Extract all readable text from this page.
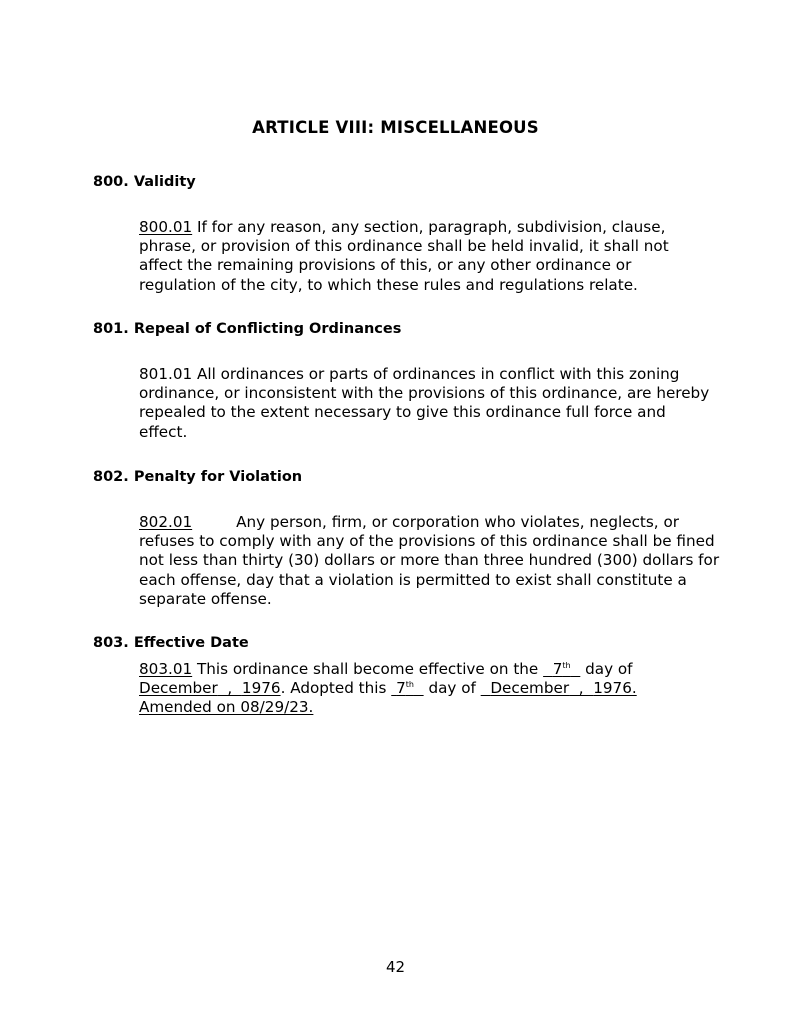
ARTICLE VIII: MISCELLANEOUS
800. Validity
800.01 If for any reason, any section, paragraph, subdivision, clause,
phrase, or provision of this ordinance shall be held invalid, it shall not
affect the remaining provisions of this, or any other ordinance or
regulation of the city, to which these rules and regulations relate.
801. Repeal of Conflicting Ordinances
801.01 All ordinances or parts of ordinances in conflict with this zoning
ordinance, or inconsistent with the provisions of this ordinance, are hereby
repealed to the extent necessary to give this ordinance full force and
effect.
802. Penalty for Violation
802.01	Any person, firm, or corporation who violates, neglects, or
refuses to comply with any of the provisions of this ordinance shall be fined
not less than thirty (30) dollars or more than three hundred (300) dollars for
each offense, day that a violation is permitted to exist shall constitute a
separate offense.
803. Effective Date
803.01 This ordinance shall become effective on the 7th day of
December  ,  1976. Adopted this 7th day of December  ,  1976.
Amended on 08/29/23.
42
